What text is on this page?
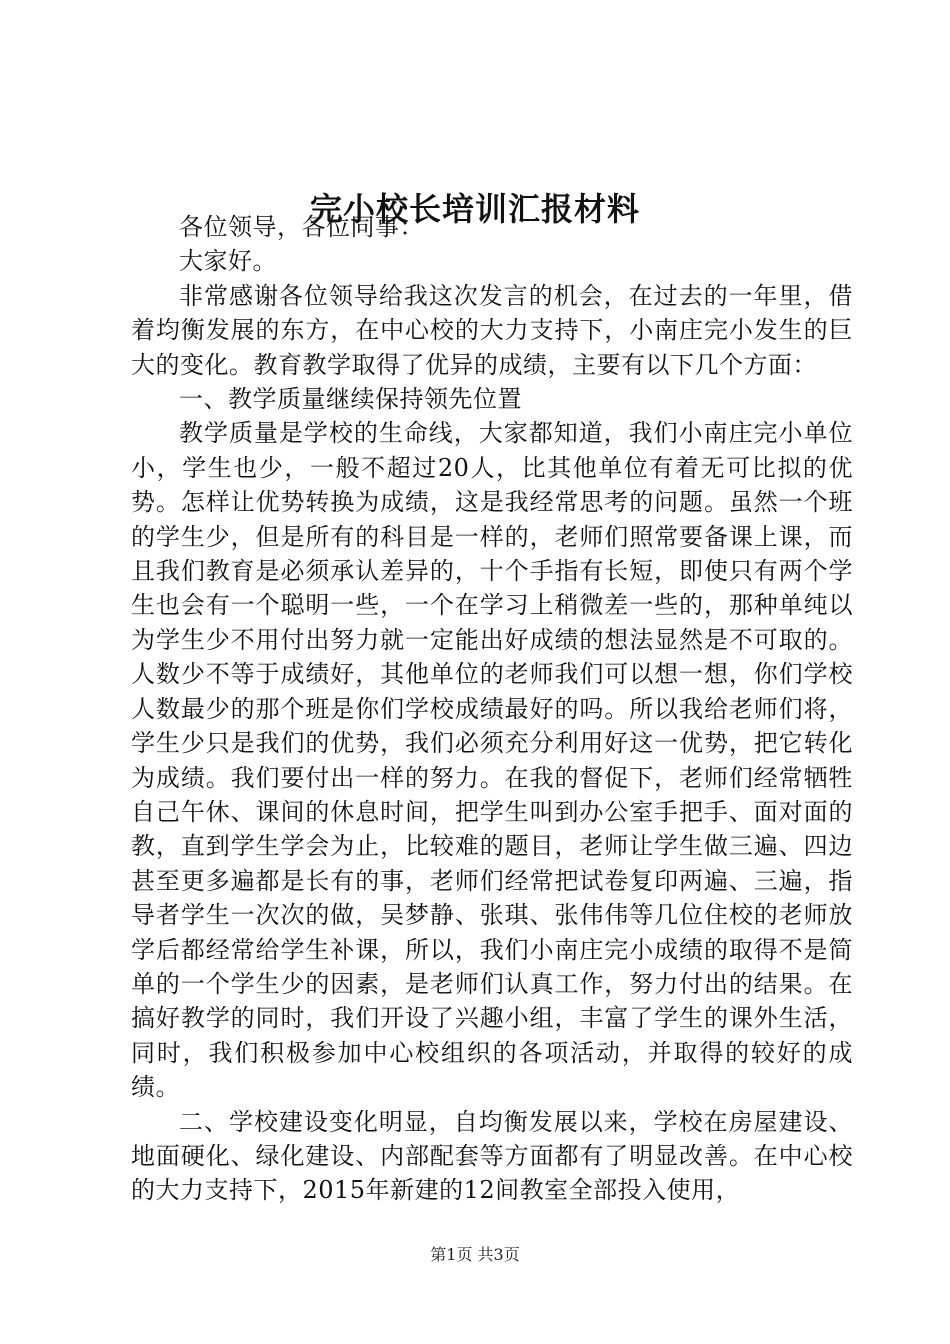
完小校长培训汇报材料

各位领导，各位同事：

大家好。

非常感谢各位领导给我这次发言的机会，在过去的一年里，借着均衡发展的东方，在中心校的大力支持下，小南庄完小发生的巨大的变化。教育教学取得了优异的成绩，主要有以下几个方面：

一、教学质量继续保持领先位置

教学质量是学校的生命线，大家都知道，我们小南庄完小单位小，学生也少，一般不超过20人，比其他单位有着无可比拟的优势。怎样让优势转换为成绩，这是我经常思考的问题。虽然一个班的学生少，但是所有的科目是一样的，老师们照常要备课上课，而且我们教育是必须承认差异的，十个手指有长短，即使只有两个学生也会有一个聪明一些，一个在学习上稍微差一些的，那种单纯以为学生少不用付出努力就一定能出好成绩的想法显然是不可取的。人数少不等于成绩好，其他单位的老师我们可以想一想，你们学校人数最少的那个班是你们学校成绩最好的吗。所以我给老师们将，学生少只是我们的优势，我们必须充分利用好这一优势，把它转化为成绩。我们要付出一样的努力。在我的督促下，老师们经常牺牲自己午休、课间的休息时间，把学生叫到办公室手把手、面对面的教，直到学生学会为止，比较难的题目，老师让学生做三遍、四边甚至更多遍都是长有的事，老师们经常把试卷复印两遍、三遍，指导者学生一次次的做，吴梦静、张琪、张伟伟等几位住校的老师放学后都经常给学生补课，所以，我们小南庄完小成绩的取得不是简单的一个学生少的因素，是老师们认真工作，努力付出的结果。在搞好教学的同时，我们开设了兴趣小组，丰富了学生的课外生活，同时，我们积极参加中心校组织的各项活动，并取得的较好的成绩。

二、学校建设变化明显，自均衡发展以来，学校在房屋建设、地面硬化、绿化建设、内部配套等方面都有了明显改善。在中心校的大力支持下，2015年新建的12间教室全部投入使用，

第1页 共3页
